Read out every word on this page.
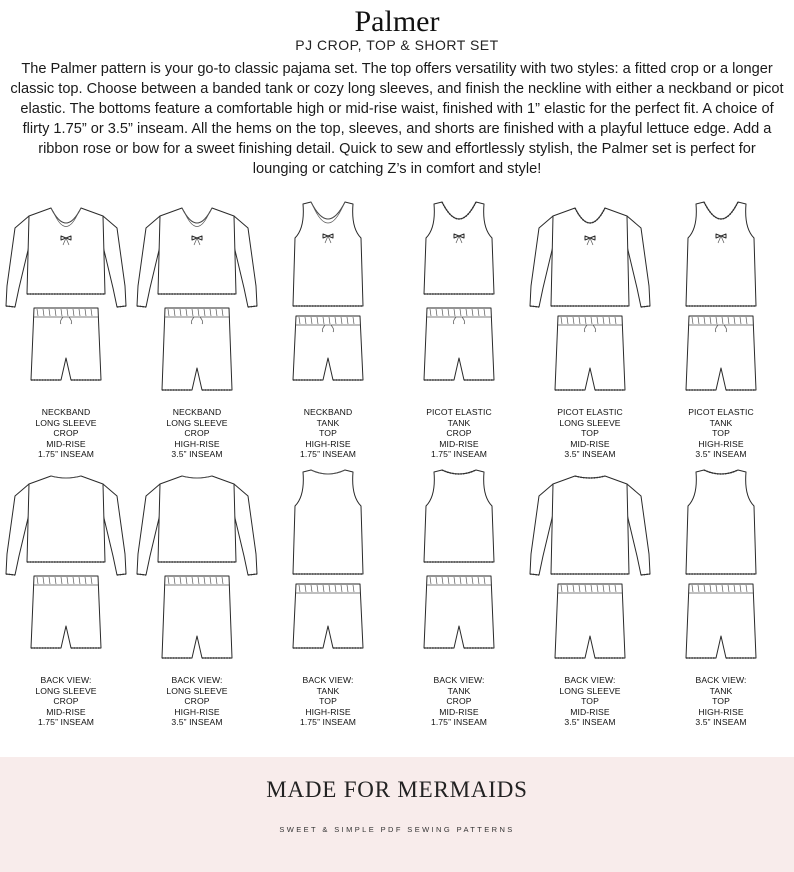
Palmer
PJ CROP, TOP & SHORT SET
The Palmer pattern is your go-to classic pajama set. The top offers versatility with two styles: a fitted crop or a longer classic top. Choose between a banded tank or cozy long sleeves, and finish the neckline with either a neckband or picot elastic. The bottoms feature a comfortable high or mid-rise waist, finished with 1” elastic for the perfect fit. A choice of flirty 1.75” or 3.5” inseam. All the hems on the top, sleeves, and shorts are finished with a playful lettuce edge. Add a ribbon rose or bow for a sweet finishing detail. Quick to sew and effortlessly stylish, the Palmer set is perfect for lounging or catching Z’s in comfort and style!
NECKBAND
LONG SLEEVE
CROP
MID-RISE
1.75” INSEAM
NECKBAND
LONG SLEEVE
CROP
HIGH-RISE
3.5” INSEAM
NECKBAND
TANK
TOP
HIGH-RISE
1.75” INSEAM
PICOT ELASTIC
TANK
CROP
MID-RISE
1.75” INSEAM
PICOT ELASTIC
LONG SLEEVE
TOP
MID-RISE
3.5” INSEAM
PICOT ELASTIC
TANK
TOP
HIGH-RISE
3.5” INSEAM
BACK VIEW:
LONG SLEEVE
CROP
MID-RISE
1.75” INSEAM
BACK VIEW:
LONG SLEEVE
CROP
HIGH-RISE
3.5” INSEAM
BACK VIEW:
TANK
TOP
HIGH-RISE
1.75” INSEAM
BACK VIEW:
TANK
CROP
MID-RISE
1.75” INSEAM
BACK VIEW:
LONG SLEEVE
TOP
MID-RISE
3.5” INSEAM
BACK VIEW:
TANK
TOP
HIGH-RISE
3.5” INSEAM
MADE FOR MERMAIDS
SWEET & SIMPLE PDF SEWING PATTERNS
